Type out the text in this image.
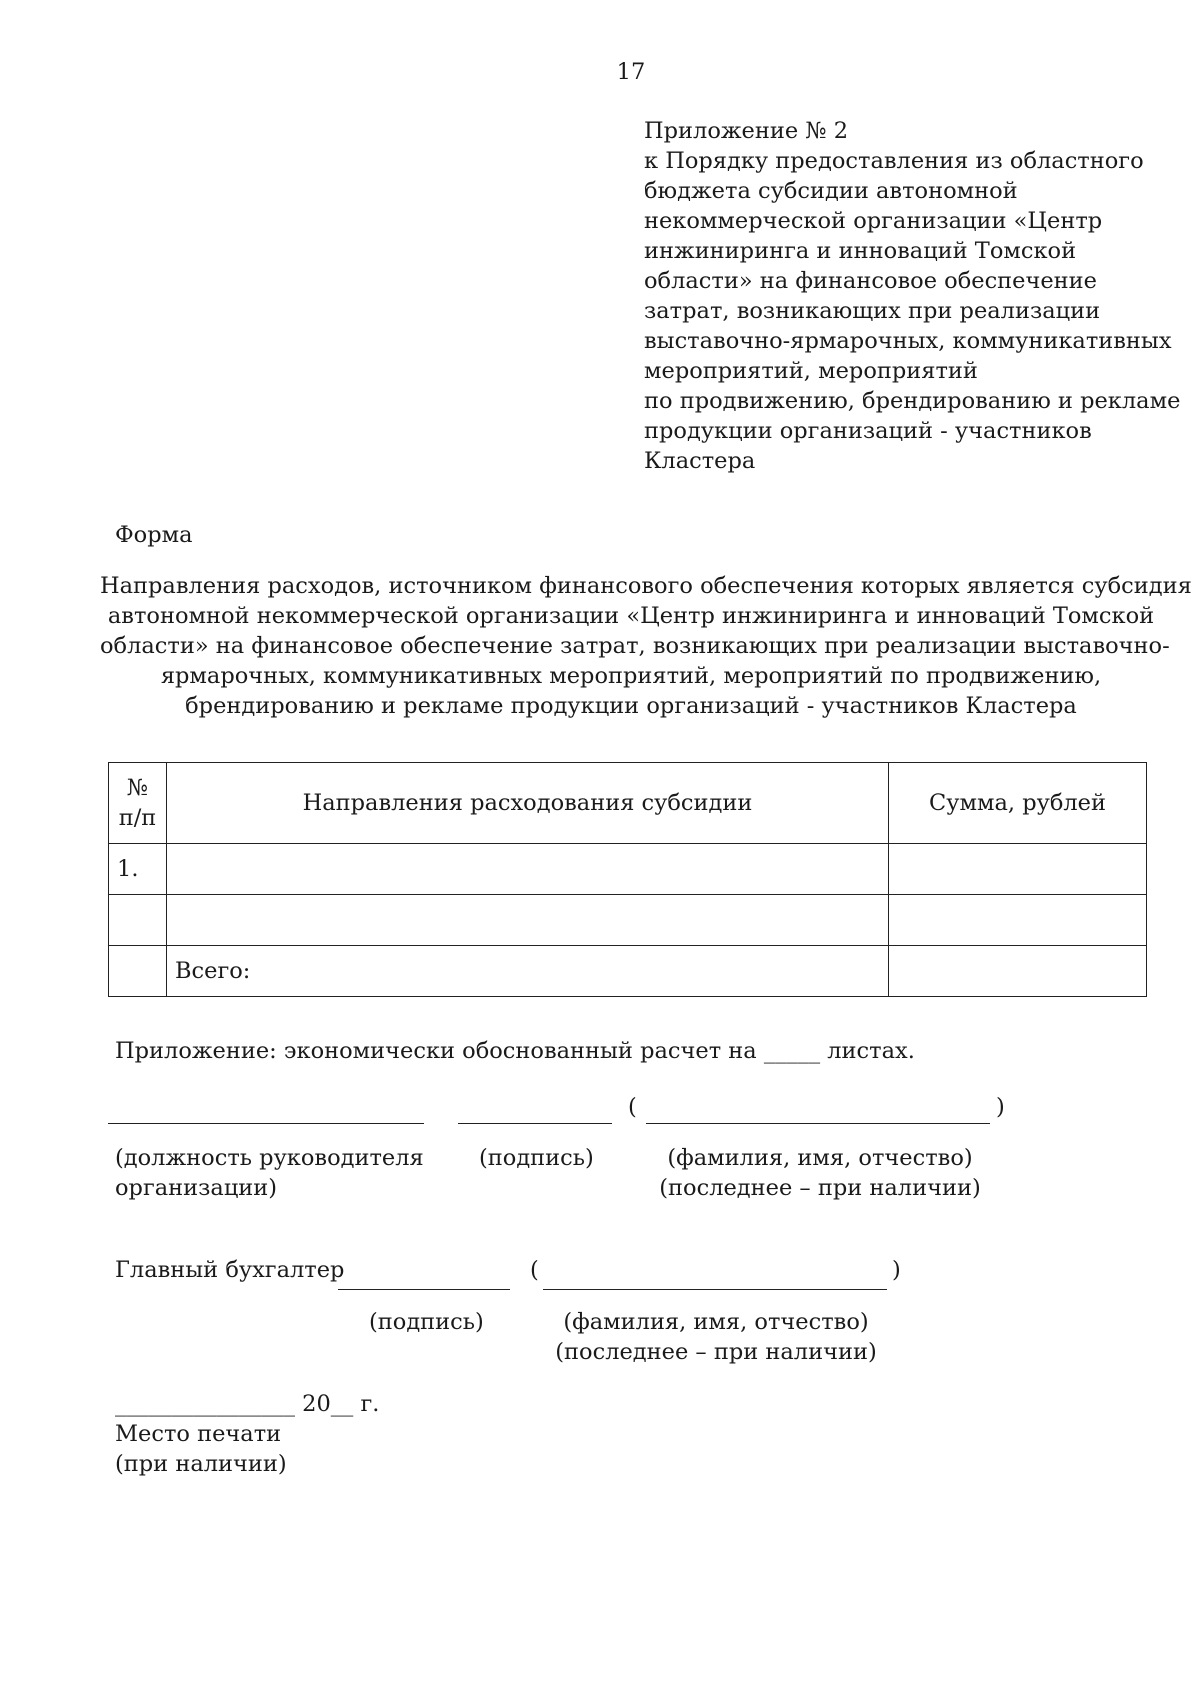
17
Приложение № 2
к Порядку предоставления из областного
бюджета субсидии автономной
некоммерческой организации «Центр
инжиниринга и инноваций Томской
области» на финансовое обеспечение
затрат, возникающих при реализации
выставочно-ярмарочных, коммуникативных
мероприятий, мероприятий
по продвижению, брендированию и рекламе
продукции организаций - участников
Кластера
Форма
Направления расходов, источником финансового обеспечения которых является субсидия
автономной некоммерческой организации «Центр инжиниринга и инноваций Томской
области» на финансовое обеспечение затрат, возникающих при реализации выставочно-
ярмарочных, коммуникативных мероприятий, мероприятий по продвижению,
брендированию и рекламе продукции организаций - участников Кластера
№
п/п	Направления расходования субсидии	Сумма, рублей
1.		

	Всего:	
Приложение: экономически обоснованный расчет на _____ листах.
(	)
(должность руководителя
организации)
(подпись)	(фамилия, имя, отчество)
(последнее – при наличии)
Главный бухгалтер	(	)
(подпись)	(фамилия, имя, отчество)
(последнее – при наличии)
________________ 20__ г.
Место печати
(при наличии)
